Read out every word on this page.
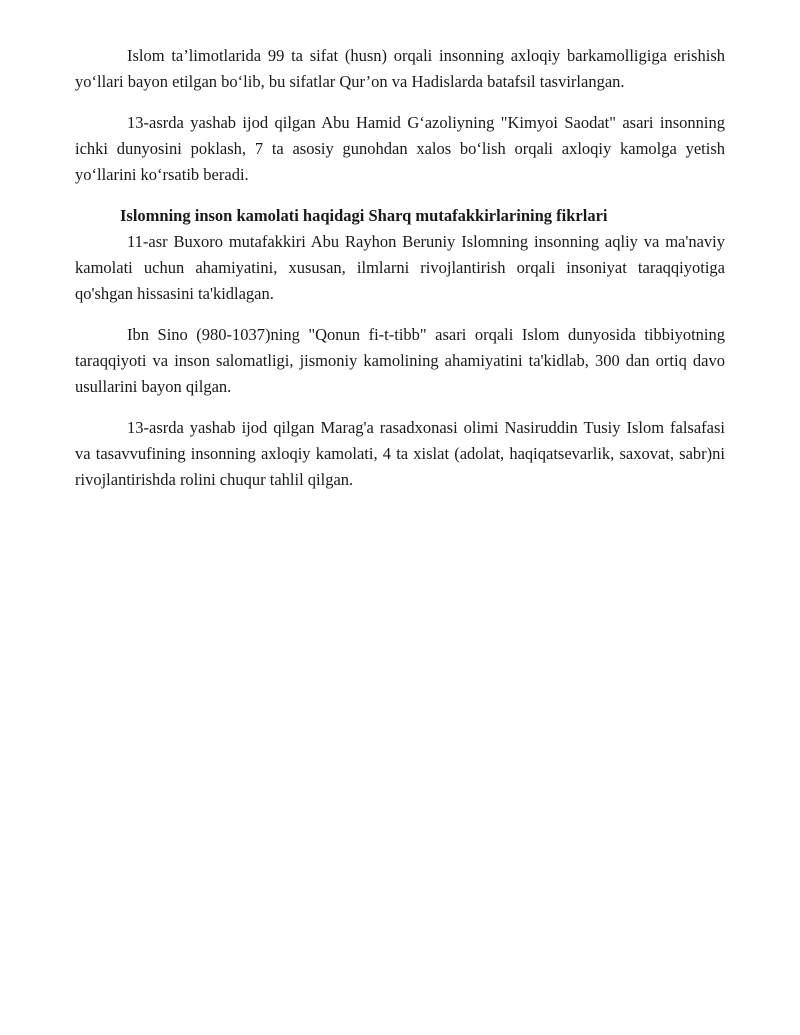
Islom ta’limotlarida 99 ta sifat (husn) orqali insonning axloqiy barkamolligiga erishish yo‘llari bayon etilgan bo‘lib, bu sifatlar Qur’on va Hadislarda batafsil tasvirlangan.

13-asrda yashab ijod qilgan Abu Hamid G‘azoliyning "Kimyoi Saodat" asari insonning ichki dunyosini poklash, 7 ta asosiy gunohdan xalos bo‘lish orqali axloqiy kamolga yetish yo‘llarini ko‘rsatib beradi.

Islomning inson kamolati haqidagi Sharq mutafakkirlarining fikrlari

11-asr Buxoro mutafakkiri Abu Rayhon Beruniy Islomning insonning aqliy va ma'naviy kamolati uchun ahamiyatini, xususan, ilmlarni rivojlantirish orqali insoniyat taraqqiyotiga qo'shgan hissasini ta'kidlagan.

Ibn Sino (980-1037)ning "Qonun fi-t-tibb" asari orqali Islom dunyosida tibbiyotning taraqqiyoti va inson salomatligi, jismoniy kamolining ahamiyatini ta'kidlab, 300 dan ortiq davo usullarini bayon qilgan.

13-asrda yashab ijod qilgan Marag'a rasadxonasi olimi Nasiruddin Tusiy Islom falsafasi va tasavvufining insonning axloqiy kamolati, 4 ta xislat (adolat, haqiqatsevarlik, saxovat, sabr)ni rivojlantirishda rolini chuqur tahlil qilgan.
